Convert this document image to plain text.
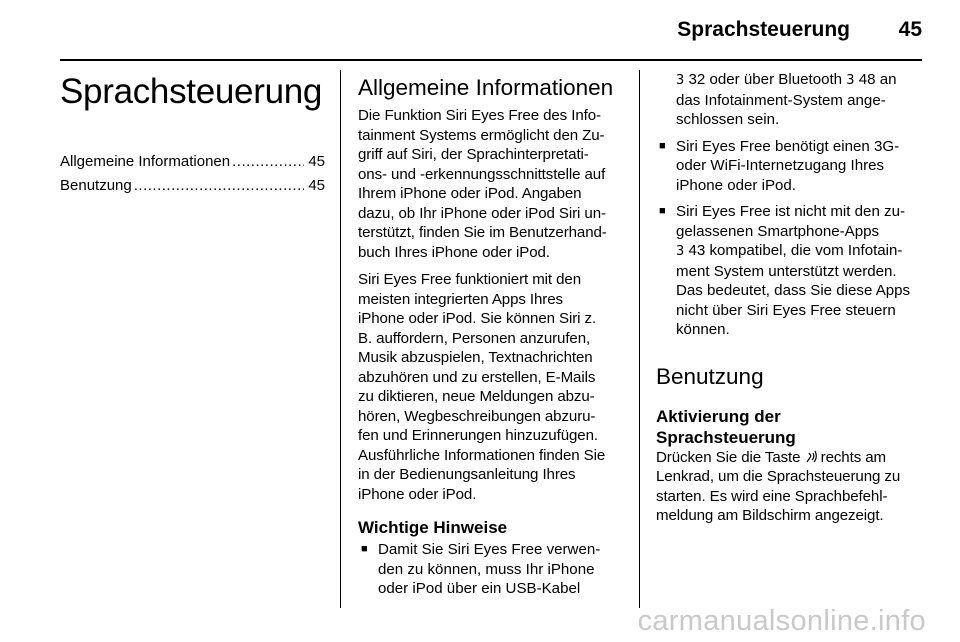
Sprachsteuerung	45
Sprachsteuerung
Allgemeine Informationen .....	45
Benutzung .....	45
Allgemeine Informationen

Die Funktion Siri Eyes Free des Info-
tainment Systems ermöglicht den Zu-
griff auf Siri, der Sprachinterpretati-
ons- und -erkennungsschnittstelle auf
Ihrem iPhone oder iPod. Angaben
dazu, ob Ihr iPhone oder iPod Siri un-
terstützt, finden Sie im Benutzerhand-
buch Ihres iPhone oder iPod.

Siri Eyes Free funktioniert mit den
meisten integrierten Apps Ihres
iPhone oder iPod. Sie können Siri z.
B. auffordern, Personen anzurufen,
Musik abzuspielen, Textnachrichten
abzuhören und zu erstellen, E-Mails
zu diktieren, neue Meldungen abzu-
hören, Wegbeschreibungen abzuru-
fen und Erinnerungen hinzuzufügen.
Ausführliche Informationen finden Sie
in der Bedienungsanleitung Ihres
iPhone oder iPod.

Wichtige Hinweise
■ Damit Sie Siri Eyes Free verwen-
den zu können, muss Ihr iPhone
oder iPod über ein USB-Kabel
3 32 oder über Bluetooth 3 48 an
das Infotainment-System ange-
schlossen sein.
■ Siri Eyes Free benötigt einen 3G-
oder WiFi-Internetzugang Ihres
iPhone oder iPod.
■ Siri Eyes Free ist nicht mit den zu-
gelassenen Smartphone-Apps
3 43 kompatibel, die vom Infotain-
ment System unterstützt werden.
Das bedeutet, dass Sie diese Apps
nicht über Siri Eyes Free steuern
können.
Benutzung
Aktivierung der
Sprachsteuerung

Drücken Sie die Taste rechts am
Lenkrad, um die Sprachsteuerung zu
starten. Es wird eine Sprachbefehl-
meldung am Bildschirm angezeigt.

carmanualsonline.info
